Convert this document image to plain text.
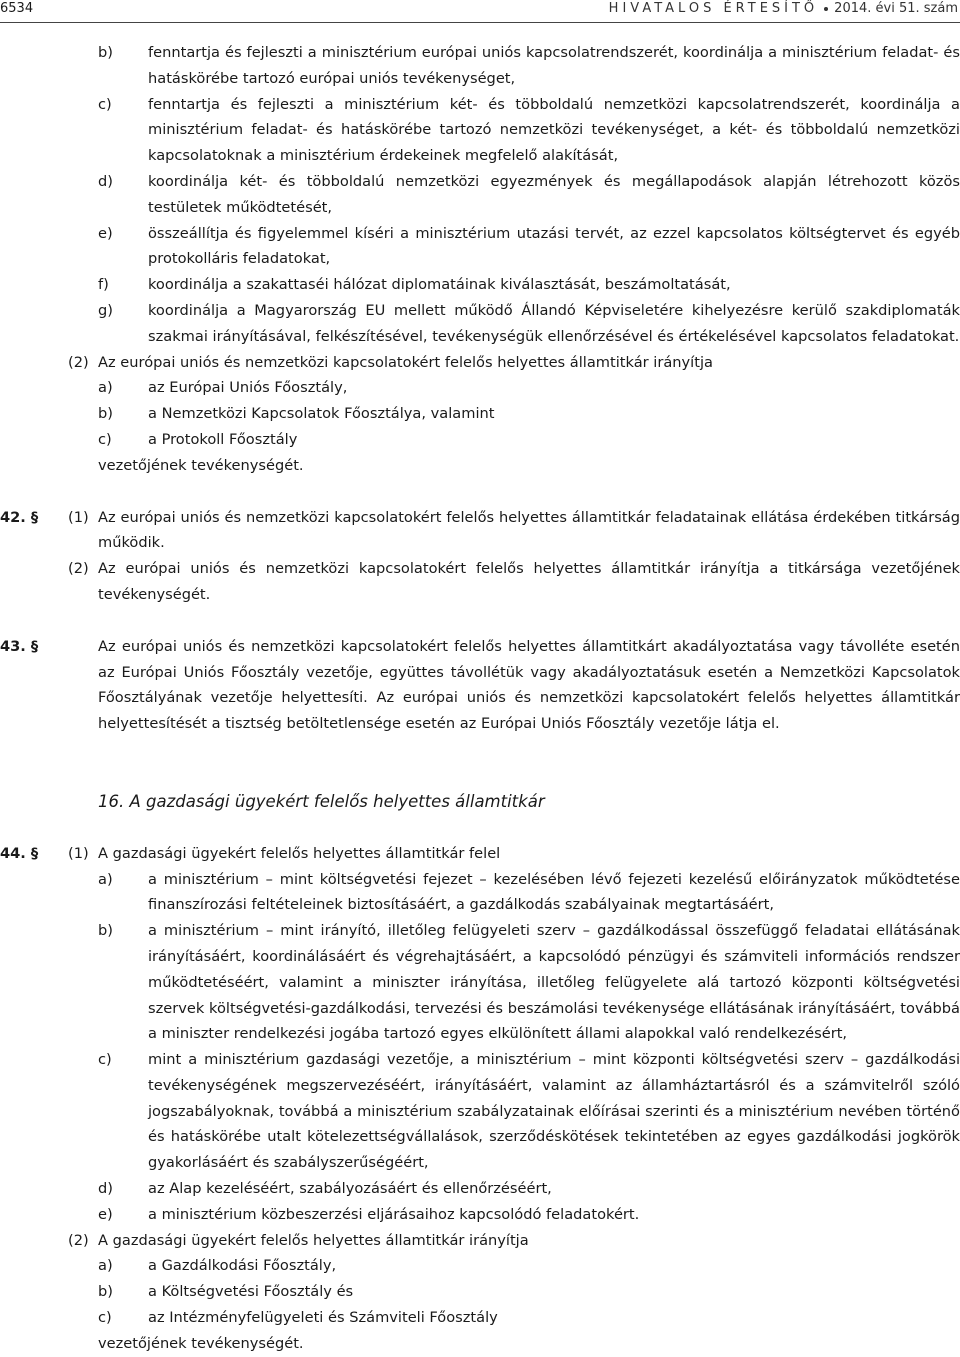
6534	HIVATALOS ÉRTESÍTŐ 2014. évi 51. szám
b) fenntartja és fejleszti a minisztérium európai uniós kapcsolatrendszerét, koordinálja a minisztérium feladat- és hatáskörébe tartozó európai uniós tevékenységet,
c) fenntartja és fejleszti a minisztérium két- és többoldalú nemzetközi kapcsolatrendszerét, koordinálja a minisztérium feladat- és hatáskörébe tartozó nemzetközi tevékenységet, a két- és többoldalú nemzetközi kapcsolatoknak a minisztérium érdekeinek megfelelő alakítását,
d) koordinálja két- és többoldalú nemzetközi egyezmények és megállapodások alapján létrehozott közös testületek működtetését,
e) összeállítja és figyelemmel kíséri a minisztérium utazási tervét, az ezzel kapcsolatos költségtervet és egyéb protokolláris feladatokat,
f)	koordinálja a szakattaséi hálózat diplomatáinak kiválasztását, beszámoltatását,
g) koordinálja a Magyarország EU mellett működő Állandó Képviseletére kihelyezésre kerülő szakdiplomaták szakmai irányításával, felkészítésével, tevékenységük ellenőrzésével és értékelésével kapcsolatos feladatokat.
(2) Az európai uniós és nemzetközi kapcsolatokért felelős helyettes államtitkár irányítja
a) az Európai Uniós Főosztály,
b) a Nemzetközi Kapcsolatok Főosztálya, valamint
c) a Protokoll Főosztály
vezetőjének tevékenységét.
42. § (1) Az európai uniós és nemzetközi kapcsolatokért felelős helyettes államtitkár feladatainak ellátása érdekében titkárság működik.
(2) Az európai uniós és nemzetközi kapcsolatokért felelős helyettes államtitkár irányítja a titkársága vezetőjének tevékenységét.
43. §	Az európai uniós és nemzetközi kapcsolatokért felelős helyettes államtitkárt akadályoztatása vagy távolléte esetén az Európai Uniós Főosztály vezetője, együttes távollétük vagy akadályoztatásuk esetén a Nemzetközi Kapcsolatok Főosztályának vezetője helyettesíti. Az európai uniós és nemzetközi kapcsolatokért felelős helyettes államtitkár helyettesítését a tisztség betöltetlensége esetén az Európai Uniós Főosztály vezetője látja el.
16. A gazdasági ügyekért felelős helyettes államtitkár
44. § (1) A gazdasági ügyekért felelős helyettes államtitkár felel
a) a minisztérium – mint költségvetési fejezet – kezelésében lévő fejezeti kezelésű előirányzatok működtetése finanszírozási feltételeinek biztosításáért, a gazdálkodás szabályainak megtartásáért,
b) a minisztérium – mint irányító, illetőleg felügyeleti szerv – gazdálkodással összefüggő feladatai ellátásának irányításáért, koordinálásáért és végrehajtásáért, a kapcsolódó pénzügyi és számviteli információs rendszer működtetéséért, valamint a miniszter irányítása, illetőleg felügyelete alá tartozó központi költségvetési szervek költségvetési-gazdálkodási, tervezési és beszámolási tevékenysége ellátásának irányításáért, továbbá a miniszter rendelkezési jogába tartozó egyes elkülönített állami alapokkal való rendelkezésért,
c) mint a minisztérium gazdasági vezetője, a minisztérium – mint központi költségvetési szerv – gazdálkodási tevékenységének megszervezéséért, irányításáért, valamint az államháztartásról és a számvitelről szóló jogszabályoknak, továbbá a minisztérium szabályzatainak előírásai szerinti és a minisztérium nevében történő és hatáskörébe utalt kötelezettségvállalások, szerződéskötések tekintetében az egyes gazdálkodási jogkörök gyakorlásáért és szabályszerűségéért,
d) az Alap kezeléséért, szabályozásáért és ellenőrzéséért,
e) a minisztérium közbeszerzési eljárásaihoz kapcsolódó feladatokért.
(2) A gazdasági ügyekért felelős helyettes államtitkár irányítja
a) a Gazdálkodási Főosztály,
b) a Költségvetési Főosztály és
c) az Intézményfelügyeleti és Számviteli Főosztály
vezetőjének tevékenységét.
